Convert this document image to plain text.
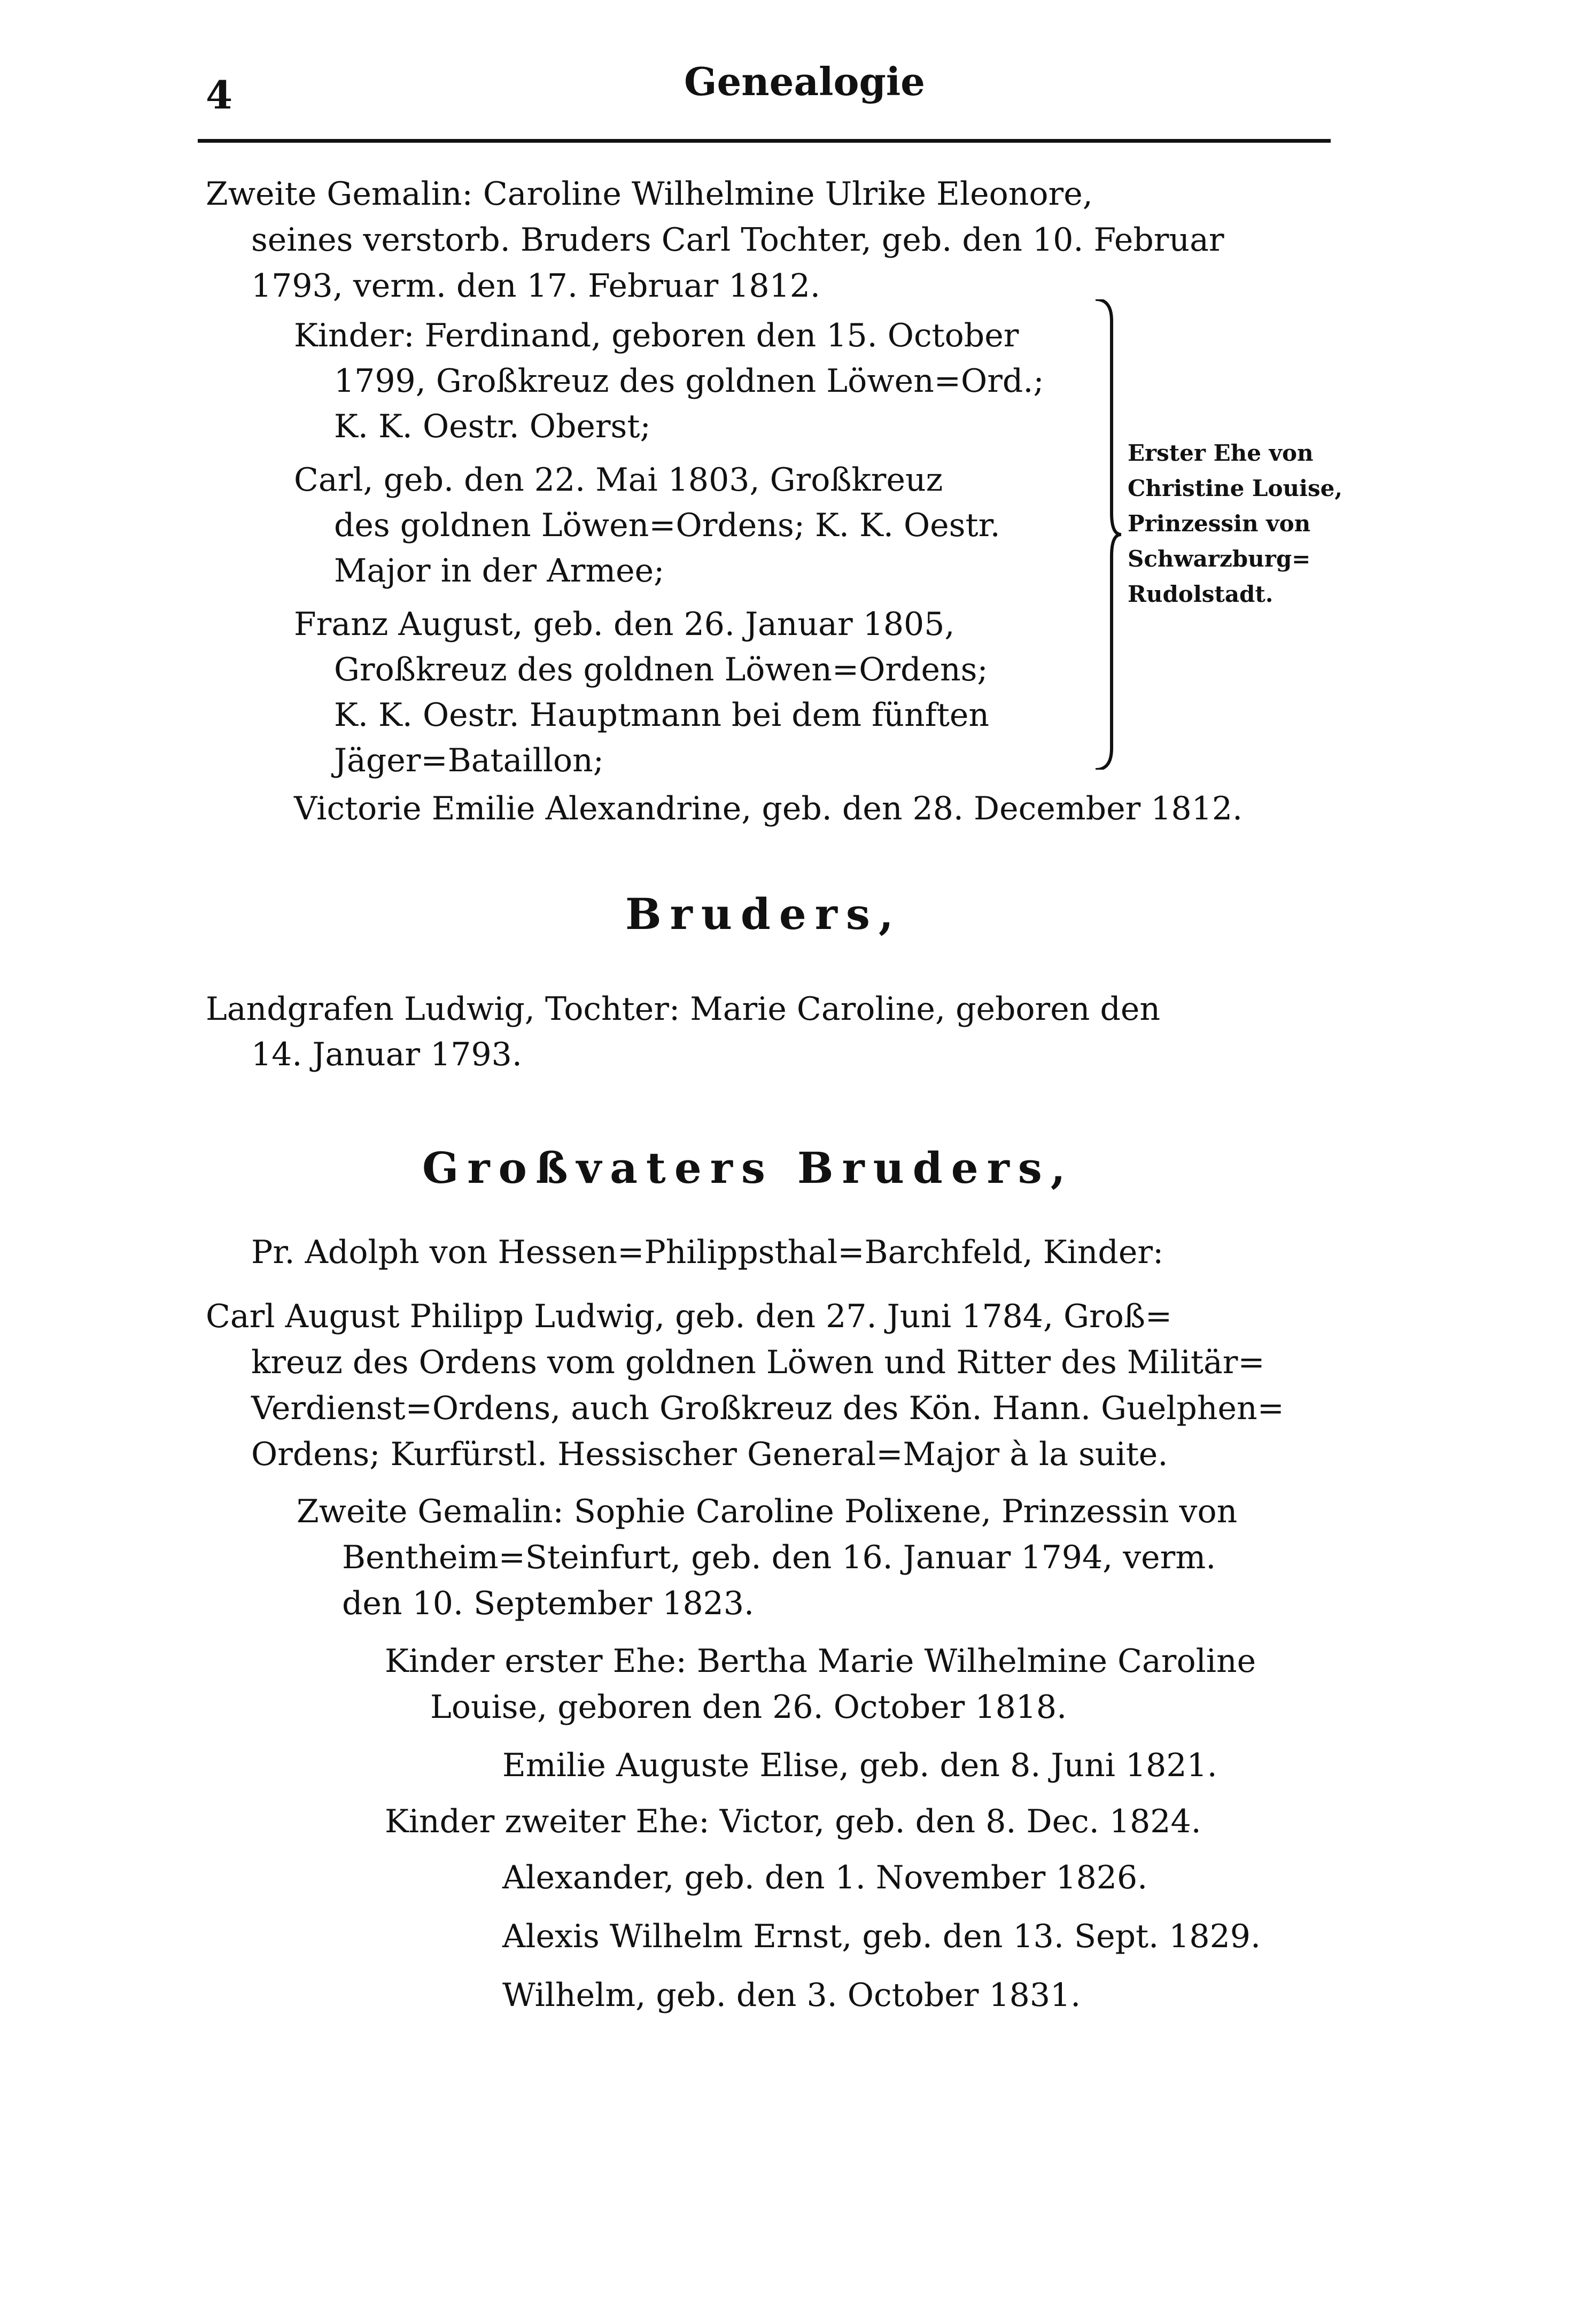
4	Genealogie
Zweite Gemalin: Caroline Wilhelmine Ulrike Eleonore,
seines verstorb. Bruders Carl Tochter, geb. den 10. Februar
1793, verm. den 17. Februar 1812.
Kinder: Ferdinand, geboren den 15. October
1799, Großkreuz des goldnen Löwen=Ord.;
K. K. Oestr. Oberst;
Carl, geb. den 22. Mai 1803, Großkreuz
des goldnen Löwen=Ordens; K. K. Oestr.
Major in der Armee;
Franz August, geb. den 26. Januar 1805,
Großkreuz des goldnen Löwen=Ordens;
K. K. Oestr. Hauptmann bei dem fünften
Jäger=Bataillon;
Erster Ehe von
Christine Louise,
Prinzessin von
Schwarzburg=
Rudolstadt.
Victorie Emilie Alexandrine, geb. den 28. December 1812.
Bruders,
Landgrafen Ludwig, Tochter: Marie Caroline, geboren den
14. Januar 1793.
Großvaters Bruders,
Pr. Adolph von Hessen=Philippsthal=Barchfeld, Kinder:
Carl August Philipp Ludwig, geb. den 27. Juni 1784, Groß=
kreuz des Ordens vom goldnen Löwen und Ritter des Militär=
Verdienst=Ordens, auch Großkreuz des Kön. Hann. Guelphen=
Ordens; Kurfürstl. Hessischer General=Major à la suite.
Zweite Gemalin: Sophie Caroline Polixene, Prinzessin von
Bentheim=Steinfurt, geb. den 16. Januar 1794, verm.
den 10. September 1823.
Kinder erster Ehe: Bertha Marie Wilhelmine Caroline
Louise, geboren den 26. October 1818.
Emilie Auguste Elise, geb. den 8. Juni 1821.
Kinder zweiter Ehe: Victor, geb. den 8. Dec. 1824.
Alexander, geb. den 1. November 1826.
Alexis Wilhelm Ernst, geb. den 13. Sept. 1829.
Wilhelm, geb. den 3. October 1831.
